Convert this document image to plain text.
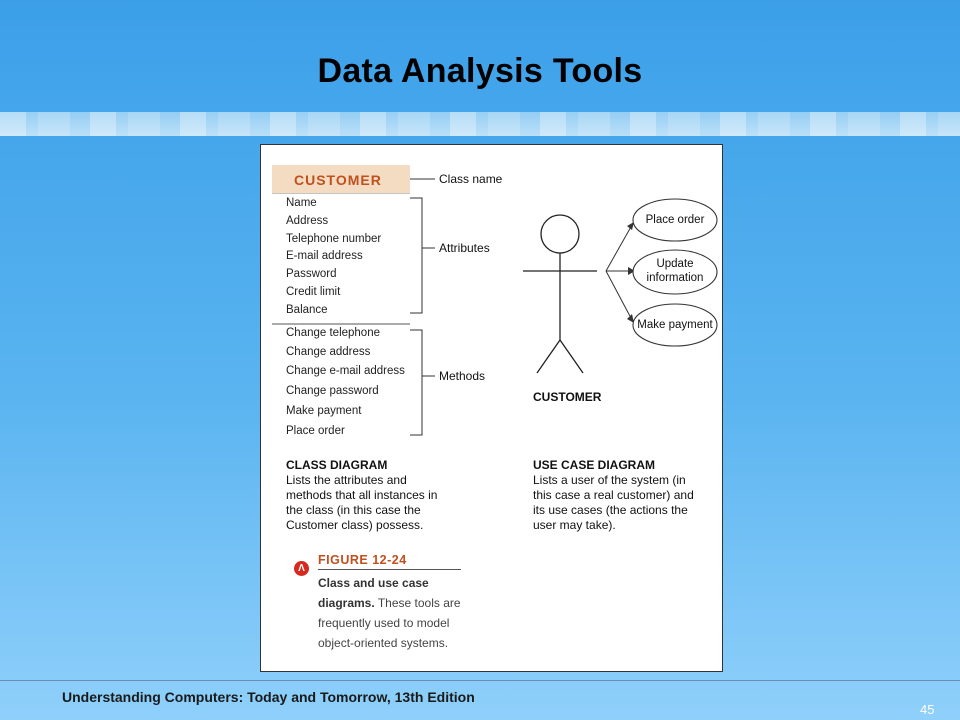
Data Analysis Tools
CUSTOMER
Name
Address
Telephone number
E-mail address
Password
Credit limit
Balance
Change telephone
Change address
Change e-mail address
Change password
Make payment
Place order
Class name
Attributes
Methods
Place order
Update information
Make payment
CUSTOMER
CLASS DIAGRAM
Lists the attributes and methods that all instances in the class (in this case the Customer class) possess.
USE CASE DIAGRAM
Lists a user of the system (in this case a real customer) and its use cases (the actions the user may take).
Λ
FIGURE 12-24
Class and use case diagrams. These tools are frequently used to model object-oriented systems.
Understanding Computers: Today and Tomorrow, 13th Edition
45
